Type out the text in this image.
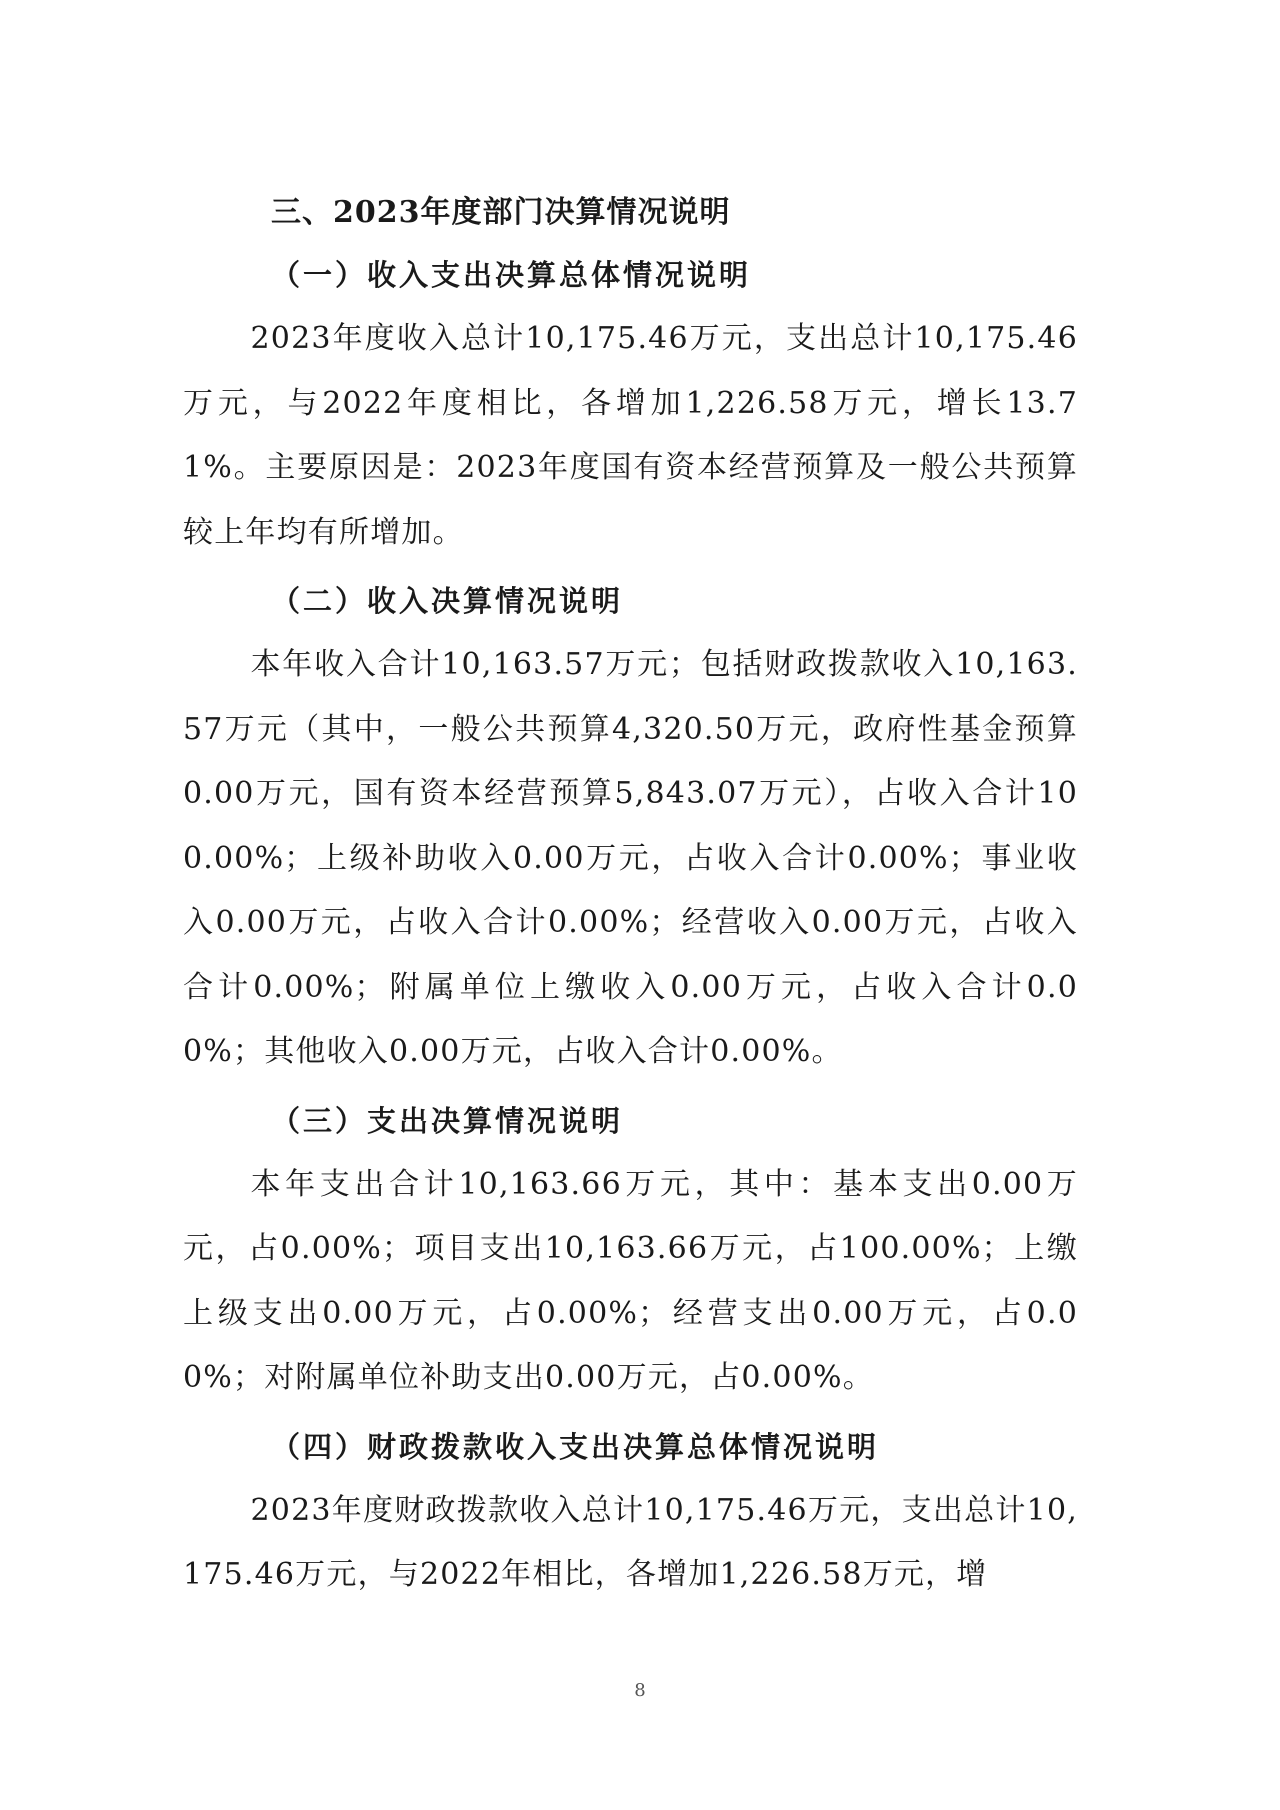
三、2023年度部门决算情况说明
（一）收入支出决算总体情况说明

2023年度收入总计10,175.46万元，支出总计10,175.46万元，与2022年度相比，各增加1,226.58万元，增长13.71%。主要原因是：2023年度国有资本经营预算及一般公共预算较上年均有所增加。

（二）收入决算情况说明

本年收入合计10,163.57万元；包括财政拨款收入10,163.57万元（其中，一般公共预算4,320.50万元，政府性基金预算0.00万元，国有资本经营预算5,843.07万元），占收入合计100.00%；上级补助收入0.00万元，占收入合计0.00%；事业收入0.00万元，占收入合计0.00%；经营收入0.00万元，占收入合计0.00%；附属单位上缴收入0.00万元，占收入合计0.00%；其他收入0.00万元，占收入合计0.00%。

（三）支出决算情况说明

本年支出合计10,163.66万元，其中：基本支出0.00万元，占0.00%；项目支出10,163.66万元，占100.00%；上缴上级支出0.00万元，占0.00%；经营支出0.00万元，占0.00%；对附属单位补助支出0.00万元，占0.00%。

（四）财政拨款收入支出决算总体情况说明

2023年度财政拨款收入总计10,175.46万元，支出总计10,175.46万元，与2022年相比，各增加1,226.58万元，增

8
